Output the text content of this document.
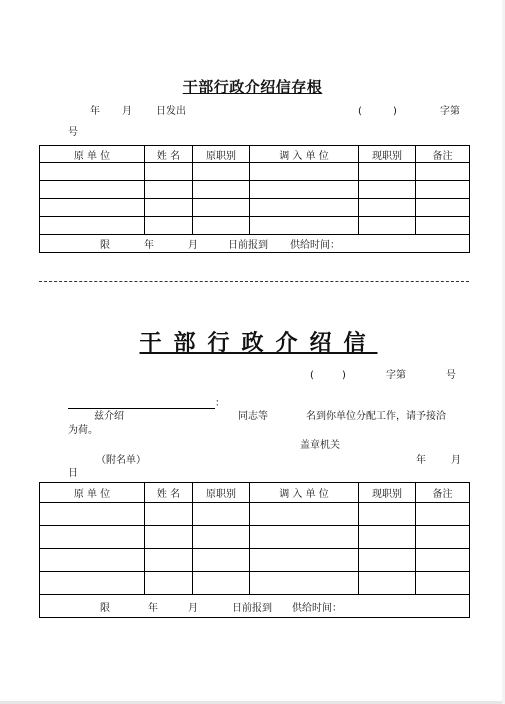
干部行政介绍信存根
年 月 日发出	(	)	字第
号
原 单 位	姓 名	原职别	调 入 单 位	现职别	备注

限 年 月 日前报到 供给时间：					
干部行政介绍信
(	)	字第	号
：
兹介绍	同志等	名到你单位分配工作，请予接洽
为荷。
盖章机关
（附名单）	年	月
日
原 单 位	姓 名	原职别	调 入 单 位	现职别	备注

限 年 月 日前报到 供给时间：					
